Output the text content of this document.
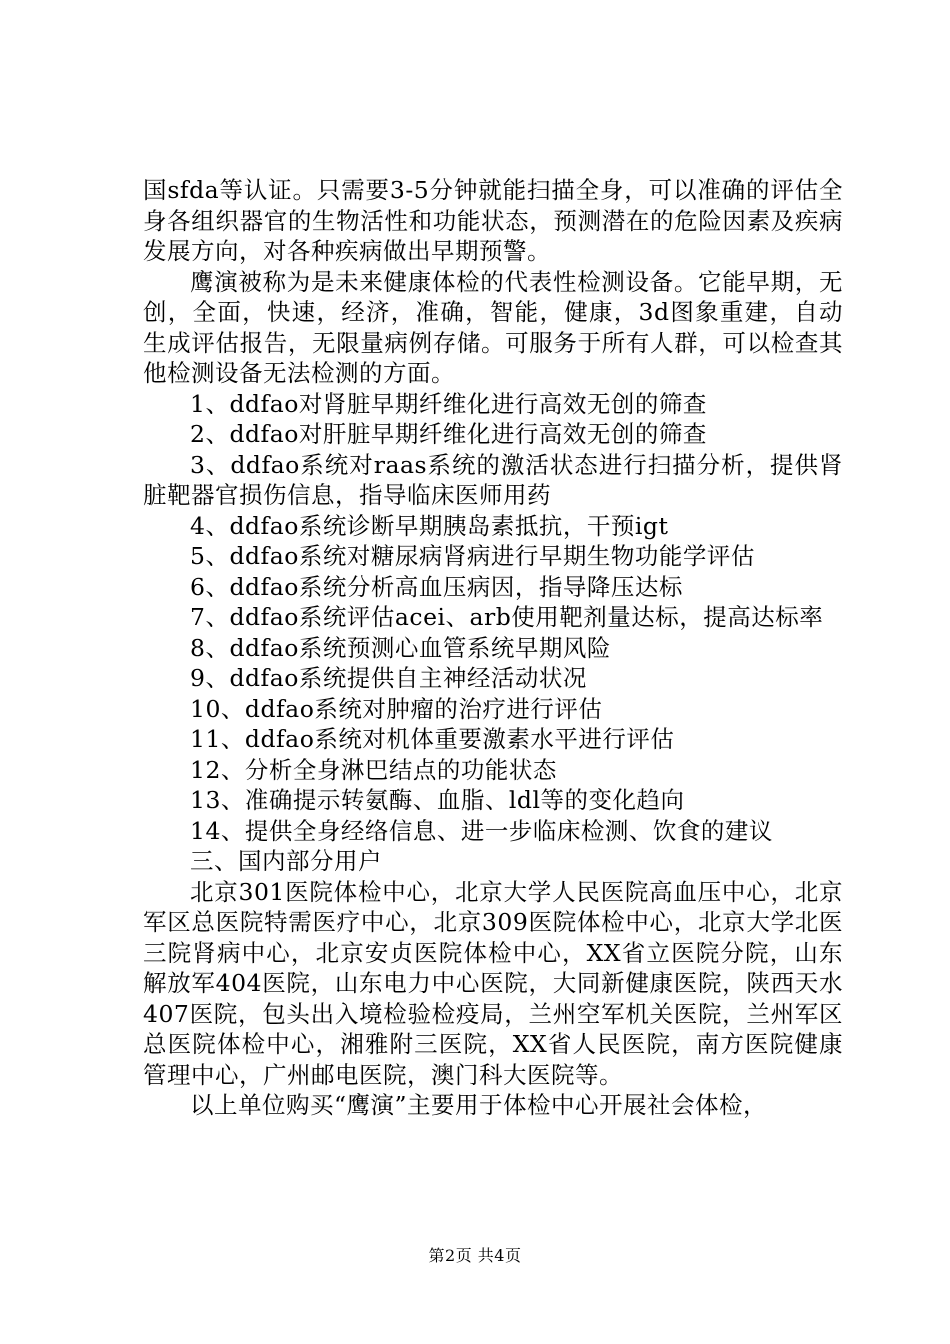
国sfda等认证。只需要3-5分钟就能扫描全身，可以准确的评估全身各组织器官的生物活性和功能状态，预测潜在的危险因素及疾病发展方向，对各种疾病做出早期预警。

鹰演被称为是未来健康体检的代表性检测设备。它能早期，无创，全面，快速，经济，准确，智能，健康，3d图象重建，自动生成评估报告，无限量病例存储。可服务于所有人群，可以检查其他检测设备无法检测的方面。

1、ddfao对肾脏早期纤维化进行高效无创的筛查

2、ddfao对肝脏早期纤维化进行高效无创的筛查

3、ddfao系统对raas系统的激活状态进行扫描分析，提供肾脏靶器官损伤信息，指导临床医师用药

4、ddfao系统诊断早期胰岛素抵抗，干预igt

5、ddfao系统对糖尿病肾病进行早期生物功能学评估

6、ddfao系统分析高血压病因，指导降压达标

7、ddfao系统评估acei、arb使用靶剂量达标，提高达标率

8、ddfao系统预测心血管系统早期风险

9、ddfao系统提供自主神经活动状况

10、ddfao系统对肿瘤的治疗进行评估

11、ddfao系统对机体重要激素水平进行评估

12、分析全身淋巴结点的功能状态

13、准确提示转氨酶、血脂、ldl等的变化趋向

14、提供全身经络信息、进一步临床检测、饮食的建议

三、国内部分用户

北京301医院体检中心，北京大学人民医院高血压中心，北京军区总医院特需医疗中心，北京309医院体检中心，北京大学北医三院肾病中心，北京安贞医院体检中心，XX省立医院分院，山东解放军404医院，山东电力中心医院，大同新健康医院，陕西天水407医院，包头出入境检验检疫局，兰州空军机关医院，兰州军区总医院体检中心，湘雅附三医院，XX省人民医院，南方医院健康管理中心，广州邮电医院，澳门科大医院等。

以上单位购买“鹰演”主要用于体检中心开展社会体检，

第2页 共4页
